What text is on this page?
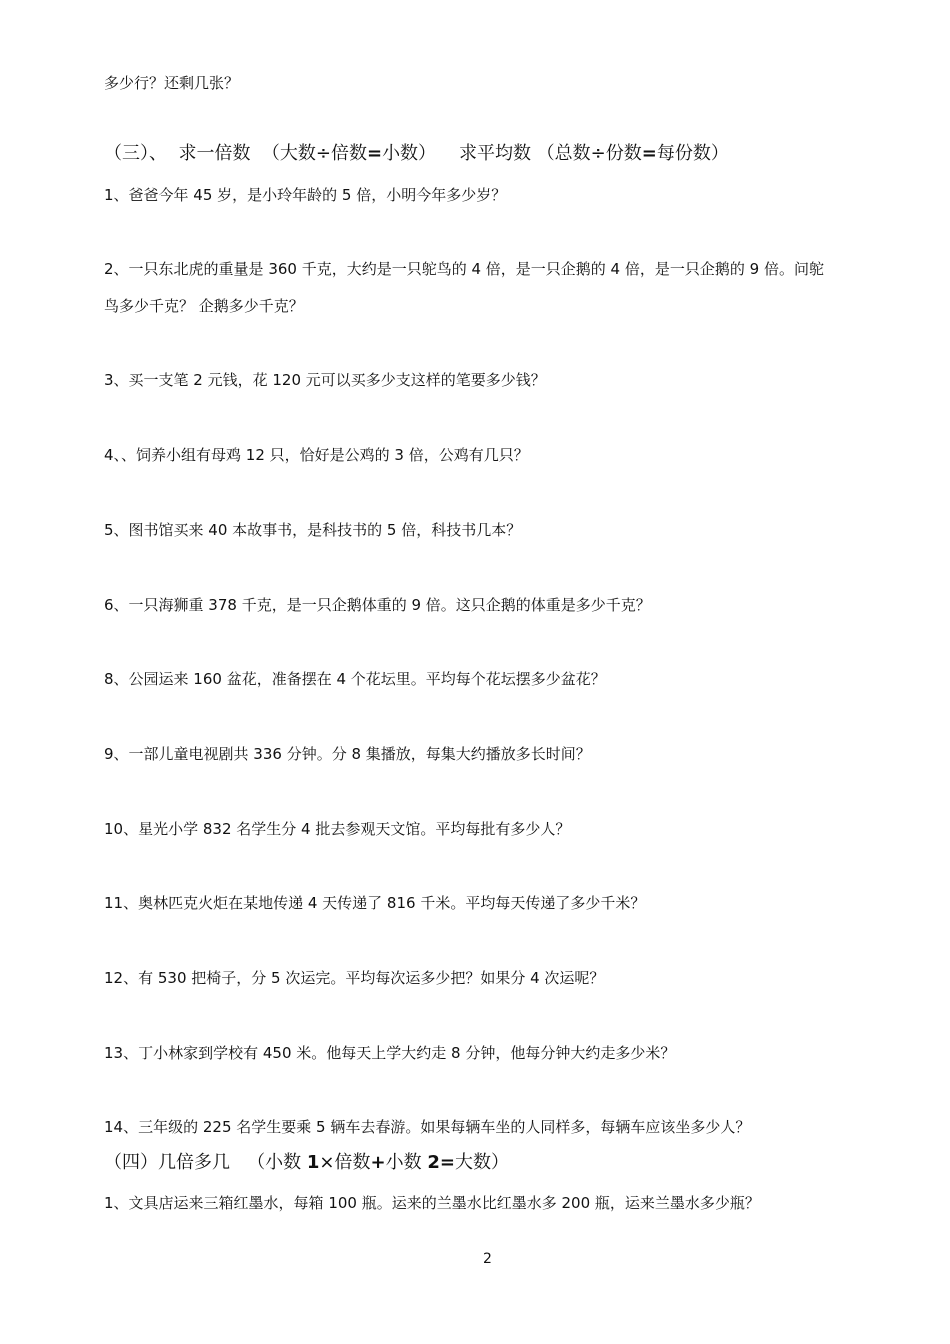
多少行？还剩几张？
（三）、  求一倍数  （大数÷倍数=小数）    求平均数 （总数÷份数=每份数）
1、爸爸今年 45 岁，是小玲年龄的 5 倍，小明今年多少岁？
2、一只东北虎的重量是 360 千克，大约是一只鸵鸟的 4 倍，是一只企鹅的 4 倍，是一只企鹅的 9 倍。问鸵
鸟多少千克？ 企鹅多少千克？
3、买一支笔 2 元钱，花 120 元可以买多少支这样的笔要多少钱？
4、、饲养小组有母鸡 12 只，恰好是公鸡的 3 倍，公鸡有几只？
5、图书馆买来 40 本故事书，是科技书的 5 倍，科技书几本？
6、一只海狮重 378 千克，是一只企鹅体重的 9 倍。这只企鹅的体重是多少千克？
8、公园运来 160 盆花，准备摆在 4 个花坛里。平均每个花坛摆多少盆花？
9、一部儿童电视剧共 336 分钟。分 8 集播放，每集大约播放多长时间？
10、星光小学 832 名学生分 4 批去参观天文馆。平均每批有多少人？
11、奥林匹克火炬在某地传递 4 天传递了 816 千米。平均每天传递了多少千米？
12、有 530 把椅子，分 5 次运完。平均每次运多少把？如果分 4 次运呢？
13、丁小林家到学校有 450 米。他每天上学大约走 8 分钟，他每分钟大约走多少米？
14、三年级的 225 名学生要乘 5 辆车去春游。如果每辆车坐的人同样多，每辆车应该坐多少人？
（四）几倍多几   （小数 1×倍数+小数 2=大数）
1、文具店运来三箱红墨水，每箱 100 瓶。运来的兰墨水比红墨水多 200 瓶，运来兰墨水多少瓶？
2
